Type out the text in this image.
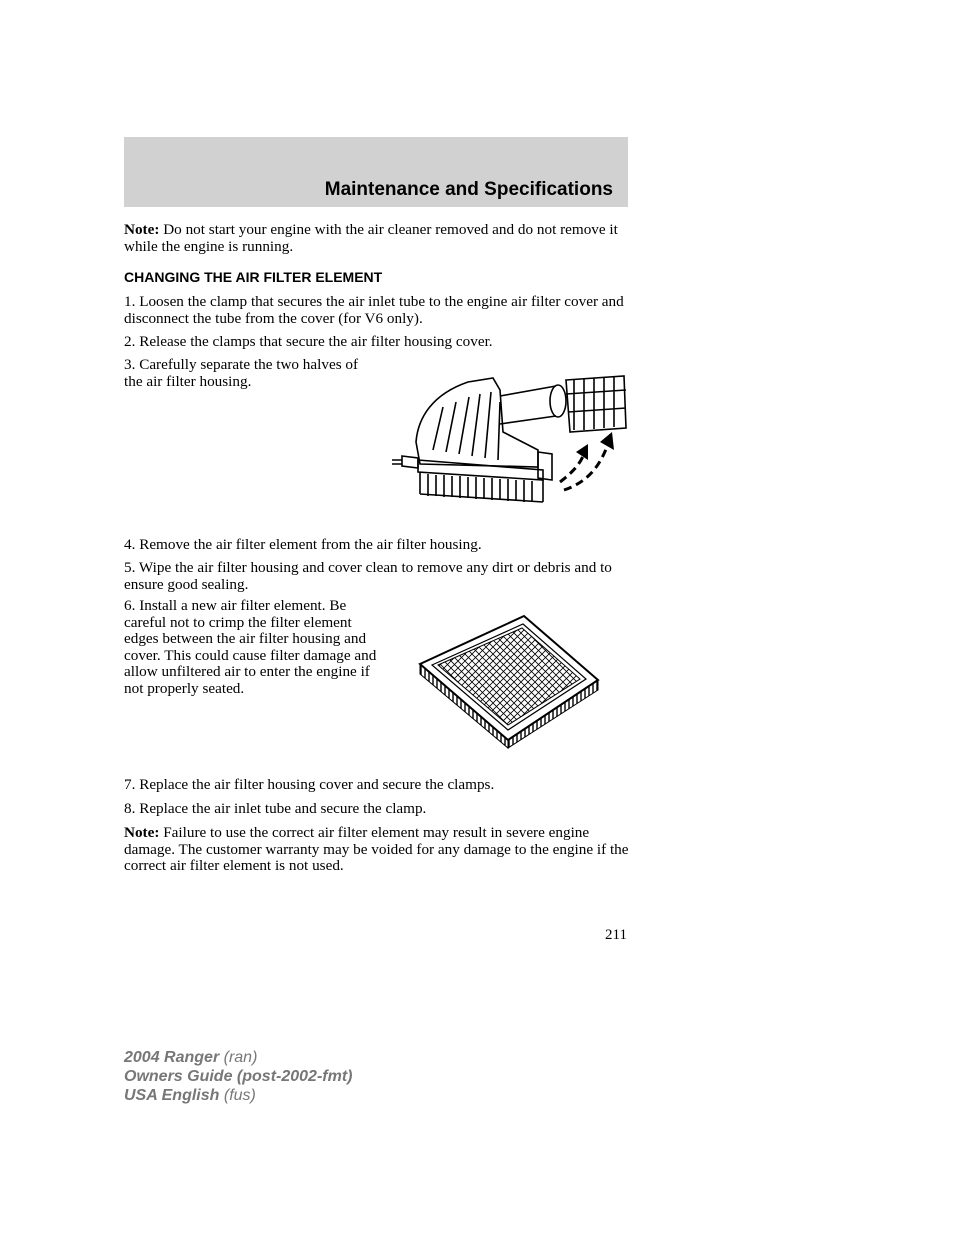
Maintenance and Specifications

Note: Do not start your engine with the air cleaner removed and do not remove it while the engine is running.

CHANGING THE AIR FILTER ELEMENT

1. Loosen the clamp that secures the air inlet tube to the engine air filter cover and disconnect the tube from the cover (for V6 only).

2. Release the clamps that secure the air filter housing cover.

3. Carefully separate the two halves of the air filter housing.

4. Remove the air filter element from the air filter housing.

5. Wipe the air filter housing and cover clean to remove any dirt or debris and to ensure good sealing.

6. Install a new air filter element. Be careful not to crimp the filter element edges between the air filter housing and cover. This could cause filter damage and allow unfiltered air to enter the engine if not properly seated.

7. Replace the air filter housing cover and secure the clamps.

8. Replace the air inlet tube and secure the clamp.

Note: Failure to use the correct air filter element may result in severe engine damage. The customer warranty may be voided for any damage to the engine if the correct air filter element is not used.

211
2004 Ranger (ran)
Owners Guide (post-2002-fmt)
USA English (fus)
